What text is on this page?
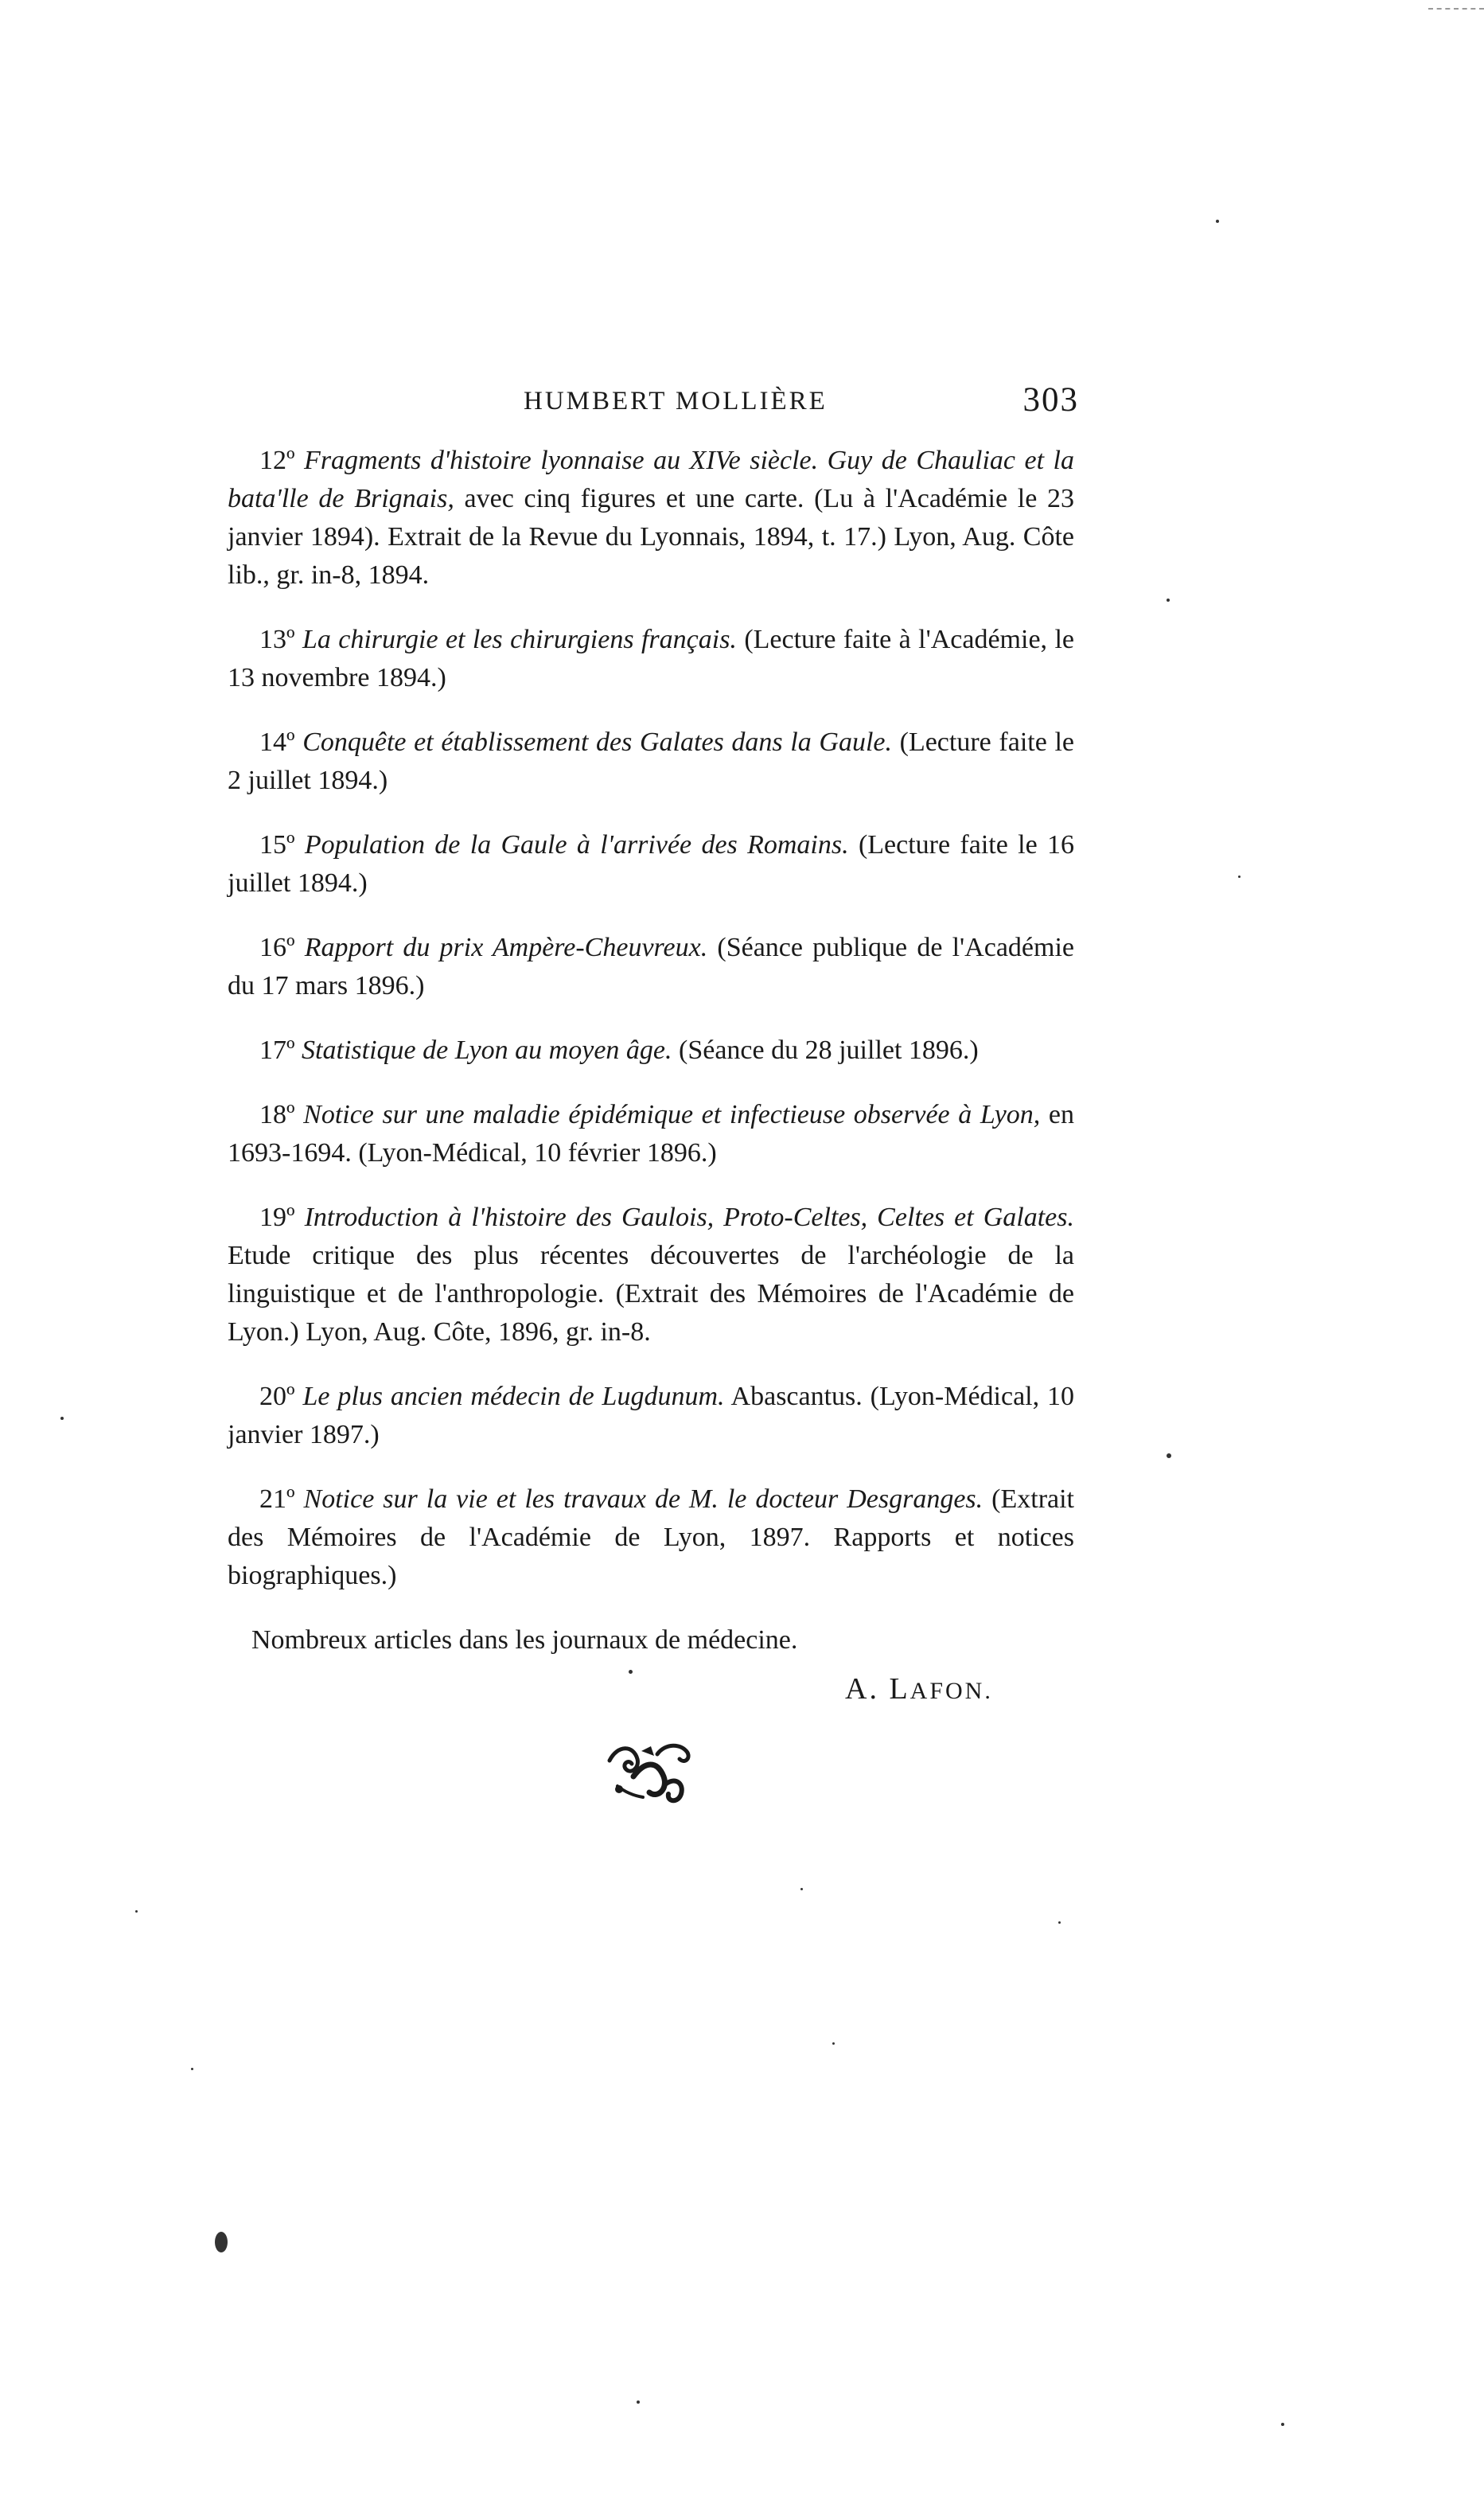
HUMBERT MOLLIÈRE	303

12º Fragments d'histoire lyonnaise au XIVe siècle. Guy de Chauliac et la bata'lle de Brignais, avec cinq figures et une carte. (Lu à l'Académie le 23 janvier 1894). Extrait de la Revue du Lyonnais, 1894, t. 17.) Lyon, Aug. Côte lib., gr. in-8, 1894.

13º La chirurgie et les chirurgiens français. (Lecture faite à l'Académie, le 13 novembre 1894.)

14º Conquête et établissement des Galates dans la Gaule. (Lecture faite le 2 juillet 1894.)

15º Population de la Gaule à l'arrivée des Romains. (Lecture faite le 16 juillet 1894.)

16º Rapport du prix Ampère-Cheuvreux. (Séance publique de l'Académie du 17 mars 1896.)

17º Statistique de Lyon au moyen âge. (Séance du 28 juillet 1896.)

18º Notice sur une maladie épidémique et infectieuse observée à Lyon, en 1693-1694. (Lyon-Médical, 10 février 1896.)

19º Introduction à l'histoire des Gaulois, Proto-Celtes, Celtes et Galates. Etude critique des plus récentes découvertes de l'archéologie de la linguistique et de l'anthropologie. (Extrait des Mémoires de l'Académie de Lyon.) Lyon, Aug. Côte, 1896, gr. in-8.

20º Le plus ancien médecin de Lugdunum. Abascantus. (Lyon-Médical, 10 janvier 1897.)

21º Notice sur la vie et les travaux de M. le docteur Desgranges. (Extrait des Mémoires de l'Académie de Lyon, 1897. Rapports et notices biographiques.)

Nombreux articles dans les journaux de médecine.

A. LAFON.
